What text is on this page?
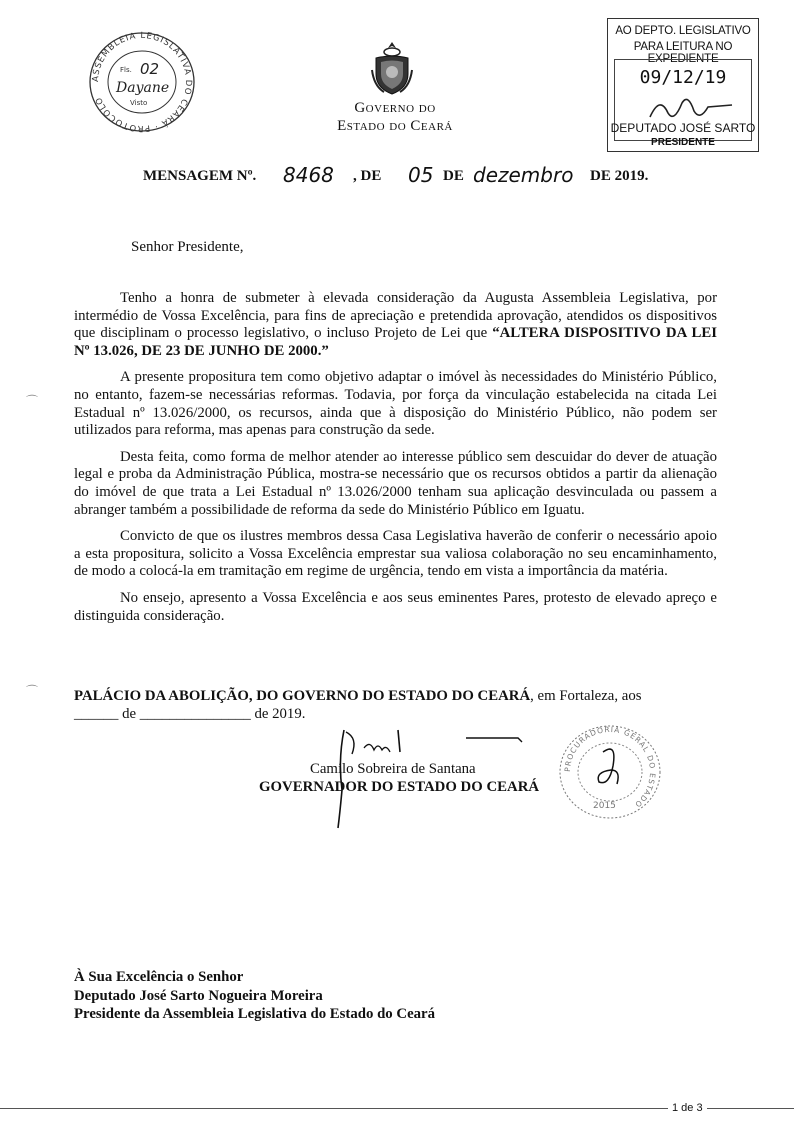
ASSEMBLEIA LEGISLATIVA DO CEARÁ · PROTOCOLO
Fls. 02
Dayane
Visto	Governo do
Estado do Ceará
AO DEPTO. LEGISLATIVO
PARA LEITURA NO EXPEDIENTE
09/12/19
DEPUTADO JOSÉ SARTO
PRESIDENTE
MENSAGEM Nº. 8468 , DE 05 DE dezembro DE 2019.
Senhor Presidente,

Tenho a honra de submeter à elevada consideração da Augusta Assembleia Legislativa, por intermédio de Vossa Excelência, para fins de apreciação e pretendida aprovação, atendidos os dispositivos que disciplinam o processo legislativo, o incluso Projeto de Lei que “ALTERA DISPOSITIVO DA LEI Nº 13.026, DE 23 DE JUNHO DE 2000.”

A presente propositura tem como objetivo adaptar o imóvel às necessidades do Ministério Público, no entanto, fazem-se necessárias reformas. Todavia, por força da vinculação estabelecida na citada Lei Estadual nº 13.026/2000, os recursos, ainda que à disposição do Ministério Público, não podem ser utilizados para reforma, mas apenas para construção da sede.

Desta feita, como forma de melhor atender ao interesse público sem descuidar do dever de atuação legal e proba da Administração Pública, mostra-se necessário que os recursos obtidos a partir da alienação do imóvel de que trata a Lei Estadual nº 13.026/2000 tenham sua aplicação desvinculada ou passem a abranger também a possibilidade de reforma da sede do Ministério Público em Iguatu.

Convicto de que os ilustres membros dessa Casa Legislativa haverão de conferir o necessário apoio a esta propositura, solicito a Vossa Excelência emprestar sua valiosa colaboração no seu encaminhamento, de modo a colocá-la em tramitação em regime de urgência, tendo em vista a importância da matéria.

No ensejo, apresento a Vossa Excelência e aos seus eminentes Pares, protesto de elevado apreço e distinguida consideração.

PALÁCIO DA ABOLIÇÃO, DO GOVERNO DO ESTADO DO CEARÁ, em Fortaleza, aos
______ de _______________ de 2019.
Camilo Sobreira de Santana
GOVERNADOR DO ESTADO DO CEARÁ
PROCURADORIA GERAL DO ESTADO
2015
À Sua Excelência o Senhor
Deputado José Sarto Nogueira Moreira
Presidente da Assembleia Legislativa do Estado do Ceará
⌒
⌒
1 de 3
